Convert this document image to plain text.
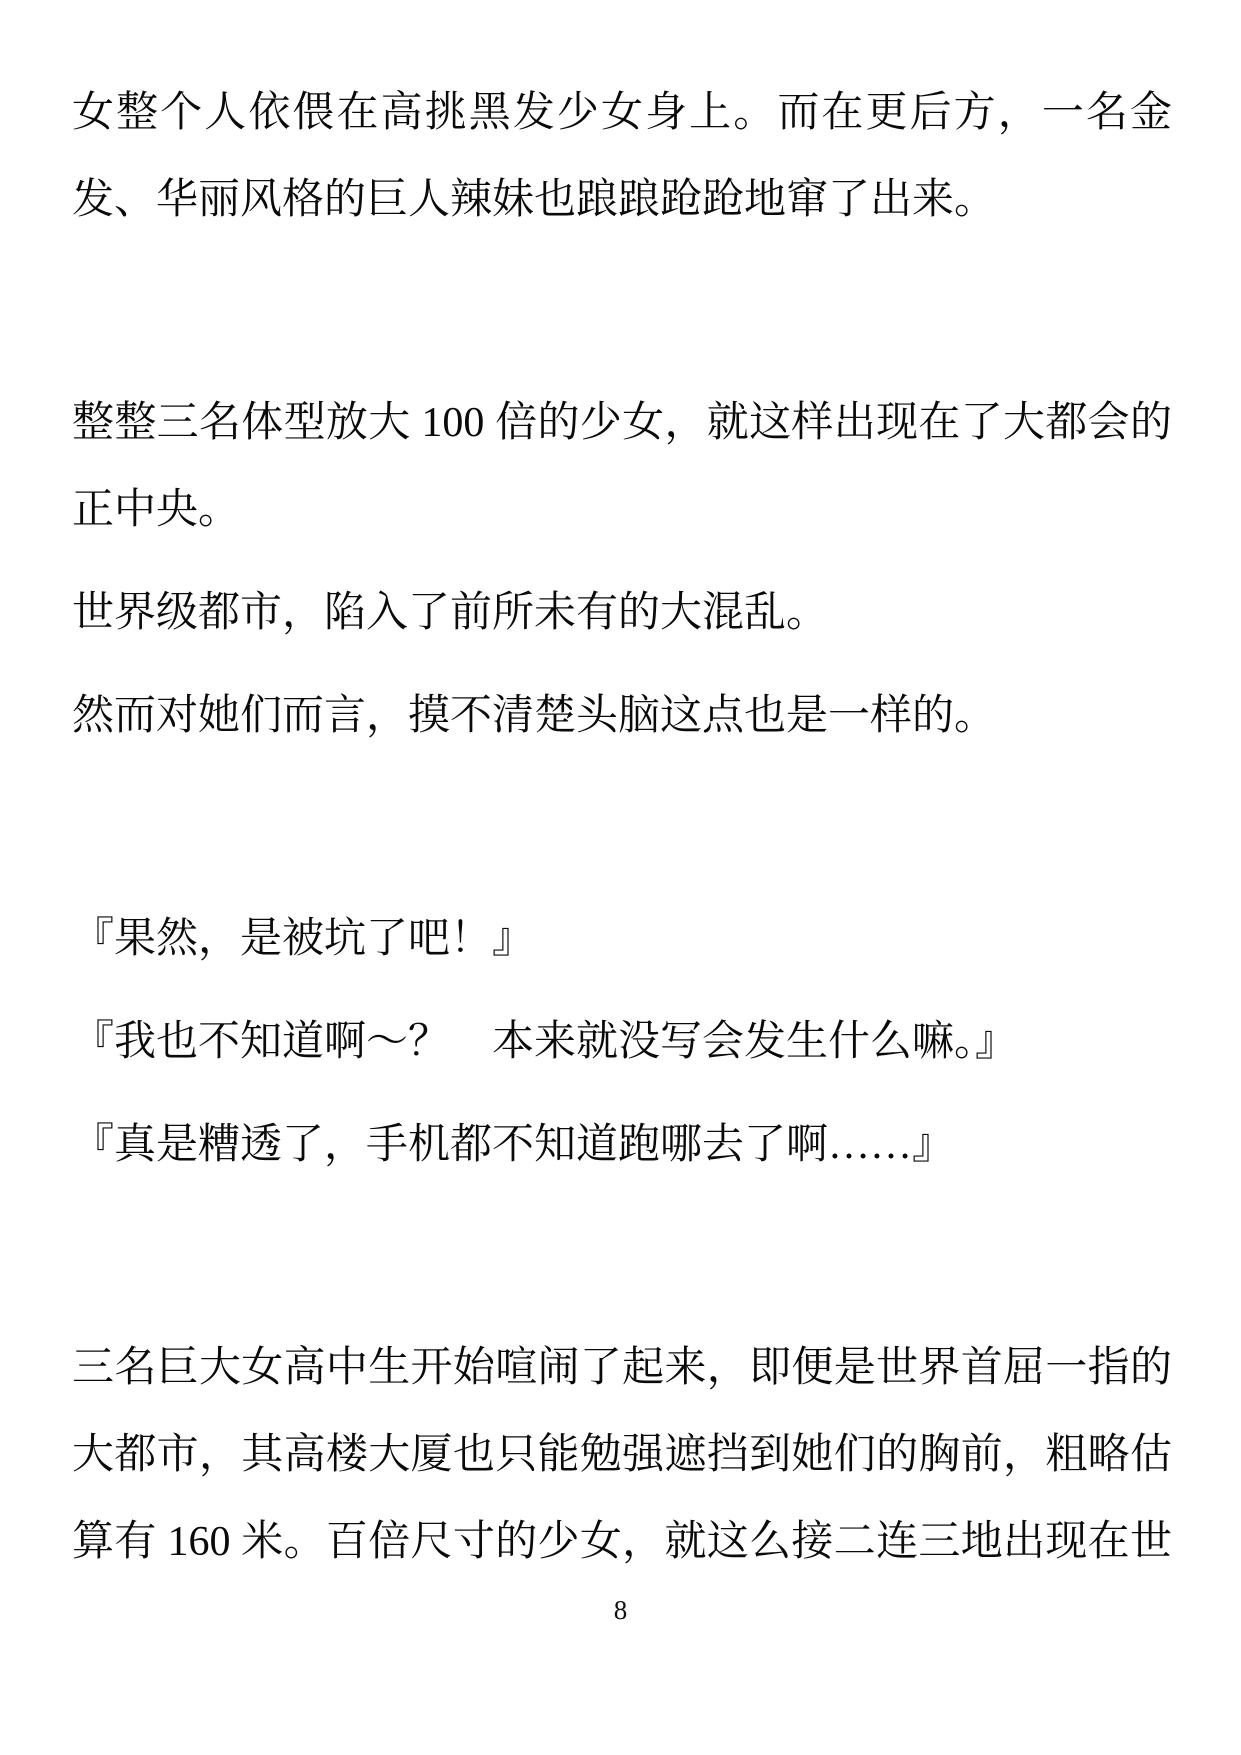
女整个人依偎在高挑黑发少女身上。而在更后方，一名金
发、华丽风格的巨人辣妹也踉踉跄跄地窜了出来。

整整三名体型放大 100 倍的少女，就这样出现在了大都会的
正中央。

世界级都市，陷入了前所未有的大混乱。

然而对她们而言，摸不清楚头脑这点也是一样的。

『果然，是被坑了吧！』

『我也不知道啊～？　本来就没写会发生什么嘛。』

『真是糟透了，手机都不知道跑哪去了啊……』

三名巨大女高中生开始喧闹了起来，即便是世界首屈一指的
大都市，其高楼大厦也只能勉强遮挡到她们的胸前，粗略估
算有 160 米。百倍尺寸的少女，就这么接二连三地出现在世

8
